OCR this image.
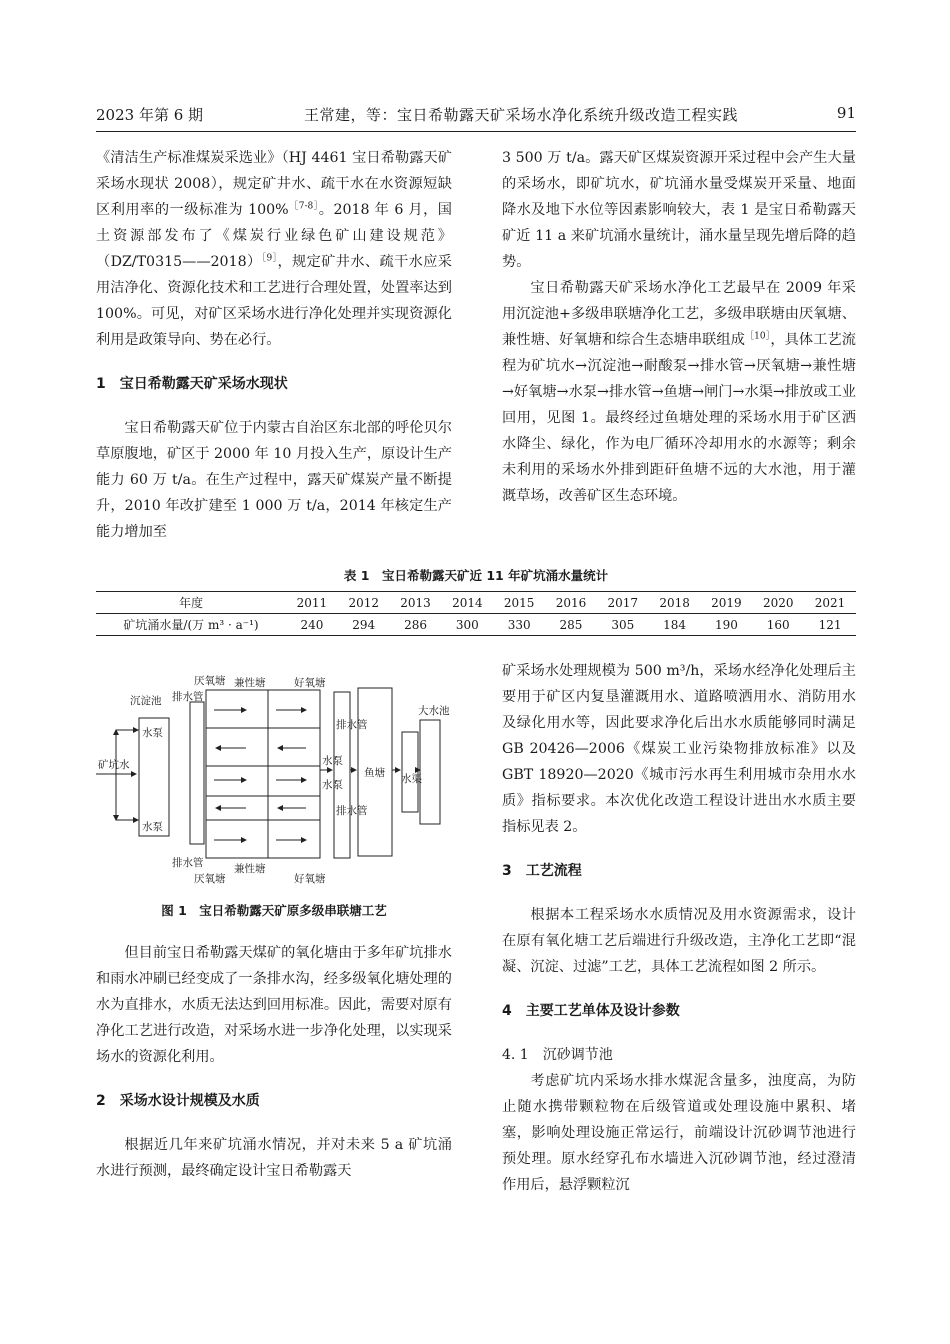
2023 年第 6 期	王常建，等：宝日希勒露天矿采场水净化系统升级改造工程实践	91

《清洁生产标准煤炭采选业》（HJ 4461 宝日希勒露天矿采场水现状 2008），规定矿井水、疏干水在水资源短缺区利用率的一级标准为 100%$^{[7-8]}$。2018 年 6 月，国土资源部发布了《煤炭行业绿色矿山建设规范》（DZ/T0315——2018）$^{[9]}$，规定矿井水、疏干水应采用洁净化、资源化技术和工艺进行合理处置，处置率达到 100%。可见，对矿区采场水进行净化处理并实现资源化利用是政策导向、势在必行。

1　宝日希勒露天矿采场水现状

宝日希勒露天矿位于内蒙古自治区东北部的呼伦贝尔草原腹地，矿区于 2000 年 10 月投入生产，原设计生产能力 60 万 t/a。在生产过程中，露天矿煤炭产量不断提升，2010 年改扩建至 1 000 万 t/a，2014 年核定生产能力增加至

3 500 万 t/a。露天矿区煤炭资源开采过程中会产生大量的采场水，即矿坑水，矿坑涌水量受煤炭开采量、地面降水及地下水位等因素影响较大，表 1 是宝日希勒露天矿近 11 a 来矿坑涌水量统计，涌水量呈现先增后降的趋势。

宝日希勒露天矿采场水净化工艺最早在 2009 年采用沉淀池+多级串联塘净化工艺，多级串联塘由厌氧塘、兼性塘、好氧塘和综合生态塘串联组成$^{[10]}$，具体工艺流程为矿坑水→沉淀池→耐酸泵→排水管→厌氧塘→兼性塘→好氧塘→水泵→排水管→鱼塘→闸门→水渠→排放或工业回用，见图 1。最终经过鱼塘处理的采场水用于矿区洒水降尘、绿化，作为电厂循环冷却用水的水源等；剩余未利用的采场水外排到距矸鱼塘不远的大水池，用于灌溉草场，改善矿区生态环境。

表 1　宝日希勒露天矿近 11 年矿坑涌水量统计
年度	2011	2012	2013	2014	2015	2016	2017	2018	2019	2020	2021
矿坑涌水量/(万 m³ · a⁻¹)	240	294	286	300	330	285	305	184	190	160	121
沉淀池
水泵
水泵
矿坑水
排水管
排水管
厌氧塘
厌氧塘
兼性塘
兼性塘
好氧塘
好氧塘
水泵
水泵
排水管
排水管
鱼塘 水渠
大水池
图 1　宝日希勒露天矿原多级串联塘工艺

但目前宝日希勒露天煤矿的氧化塘由于多年矿坑排水和雨水冲刷已经变成了一条排水沟，经多级氧化塘处理的水为直排水，水质无法达到回用标准。因此，需要对原有净化工艺进行改造，对采场水进一步净化处理，以实现采场水的资源化利用。

2　采场水设计规模及水质

根据近几年来矿坑涌水情况，并对未来 5 a 矿坑涌水进行预测，最终确定设计宝日希勒露天

矿采场水处理规模为 500 m³/h，采场水经净化处理后主要用于矿区内复垦灌溉用水、道路喷洒用水、消防用水及绿化用水等，因此要求净化后出水水质能够同时满足 GB 20426—2006《煤炭工业污染物排放标准》以及 GBT 18920—2020《城市污水再生利用城市杂用水水质》指标要求。本次优化改造工程设计进出水水质主要指标见表 2。

3　工艺流程

根据本工程采场水水质情况及用水资源需求，设计在原有氧化塘工艺后端进行升级改造，主净化工艺即“混凝、沉淀、过滤”工艺，具体工艺流程如图 2 所示。

4　主要工艺单体及设计参数
4. 1　沉砂调节池

考虑矿坑内采场水排水煤泥含量多，浊度高，为防止随水携带颗粒物在后级管道或处理设施中累积、堵塞，影响处理设施正常运行，前端设计沉砂调节池进行预处理。原水经穿孔布水墙进入沉砂调节池，经过澄清作用后，悬浮颗粒沉
